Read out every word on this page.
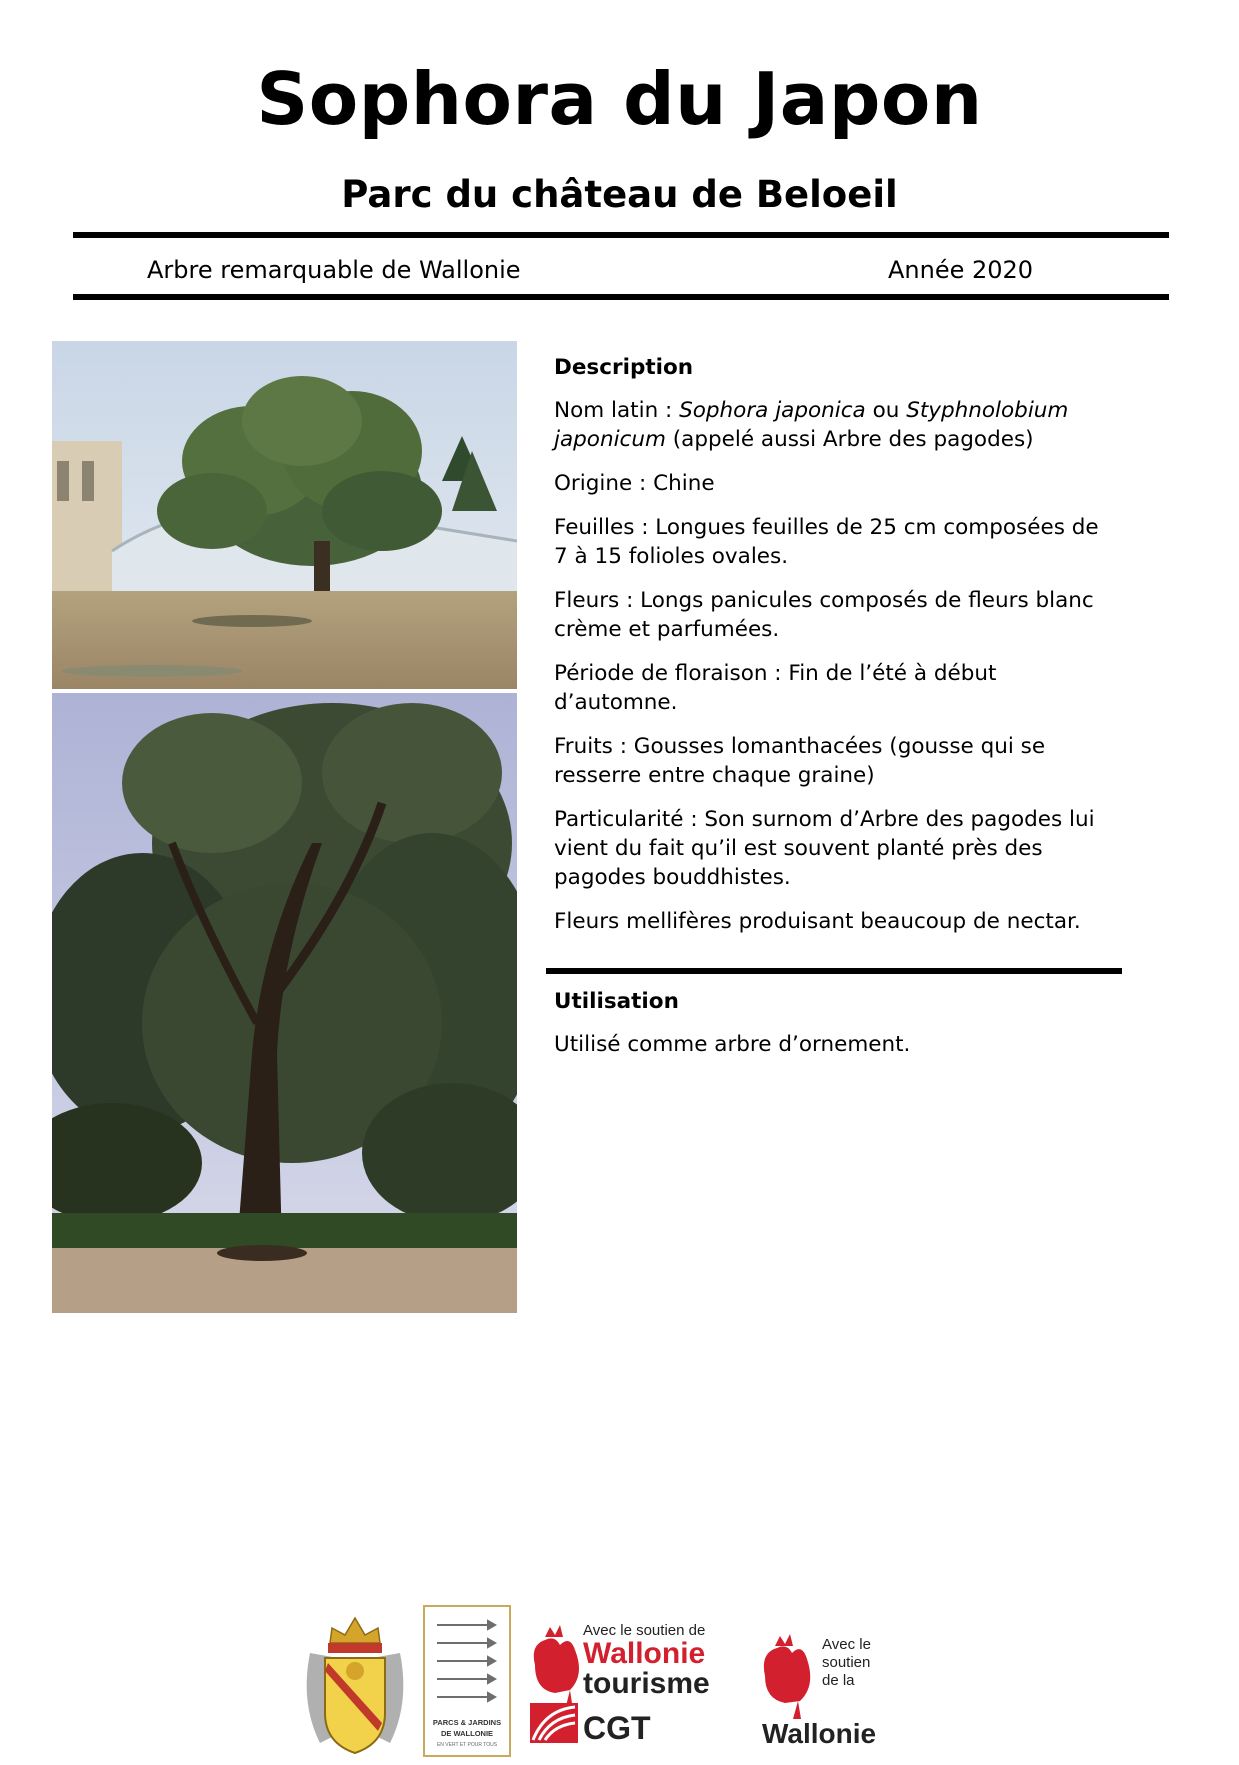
Sophora du Japon
Parc du château de Beloeil
Arbre remarquable de Wallonie	Année 2020
Description

Nom latin : Sophora japonica ou Styphnolobium japonicum (appelé aussi Arbre des pagodes)

Origine : Chine

Feuilles : Longues feuilles de 25 cm composées de 7 à 15 folioles ovales.

Fleurs : Longs panicules composés de fleurs blanc crème et parfumées.

Période de floraison : Fin de l’été à début d’automne.

Fruits : Gousses lomanthacées (gousse qui se resserre entre chaque graine)

Particularité : Son surnom d’Arbre des pagodes lui vient du fait qu’il est souvent planté près des pagodes bouddhistes.

Fleurs mellifères produisant beaucoup de nectar.

Utilisation

Utilisé comme arbre d’ornement.

PARCS & JARDINS
DE WALLONIE
EN VERT ET POUR TOUS
Avec le soutien de
Wallonie
tourisme
CGT
Avec le
soutien
de la
Wallonie
